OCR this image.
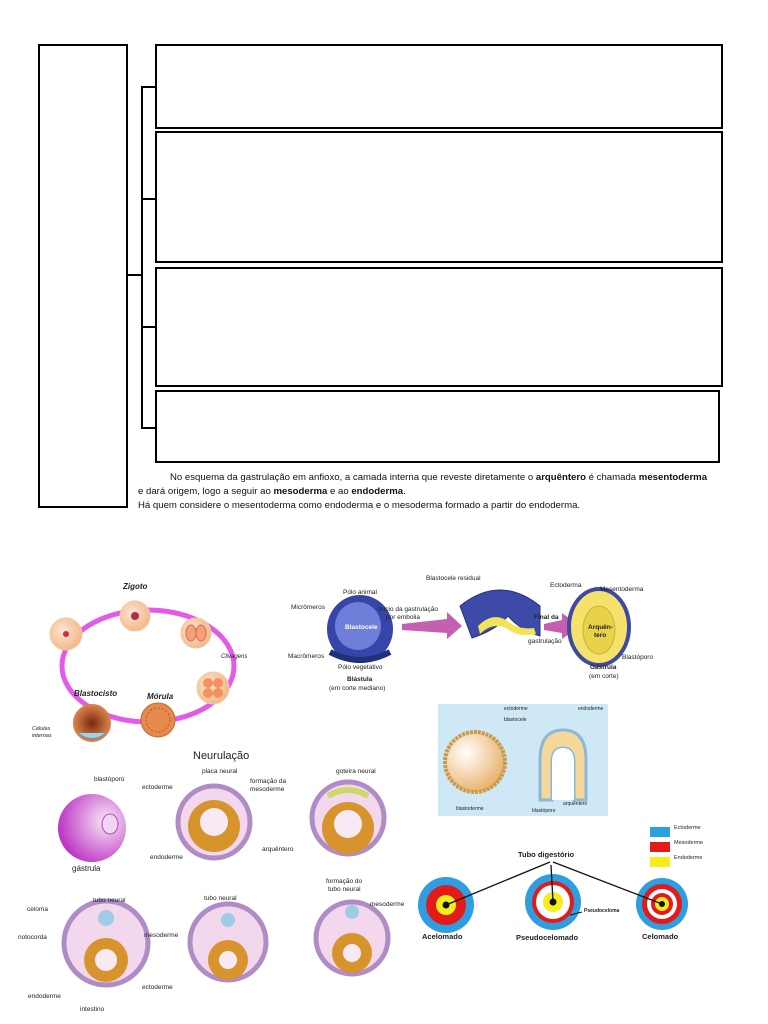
No esquema da gastrulação em anfioxo, a camada interna que reveste diretamente o arquêntero é chamada mesentoderma
e dará origem, logo a seguir ao mesoderma e ao endoderma.
Há quem considere o mesentoderma como endoderma e o mesoderma formado a partir do endoderma.
Zigoto
Clivagens
Mórula
Blastocisto
Células
internas
Pólo animal
Micrômeros
Blastocele
Macrômeros
Pólo vegetativo
Blástula
(em corte mediano)
Blastocele residual
Início da gastrulação
por embolia	Final da
gastrulação
Ectoderma
Mesentoderma
Arquên-
tero
Blastóporo
Gástrula
(em corte)
ectoderme
blastocele
endoderme
blastoderme	blastóporo
arquêntero
Neurulação
blastóporo
gástrula
placa neural
ectoderme
formação da
mesoderme
goteira neural
endoderme
arquêntero
tubo neural
celoma
notocorda	mesoderme
ectoderme
endoderme
intestino
tubo neural
formação do
tubo neural
mesoderme
Ectoderme
Mesoderme
Endoderme
Tubo digestório
Acelomado	Pseudocelomado
Pseudoceloma
Celomado
